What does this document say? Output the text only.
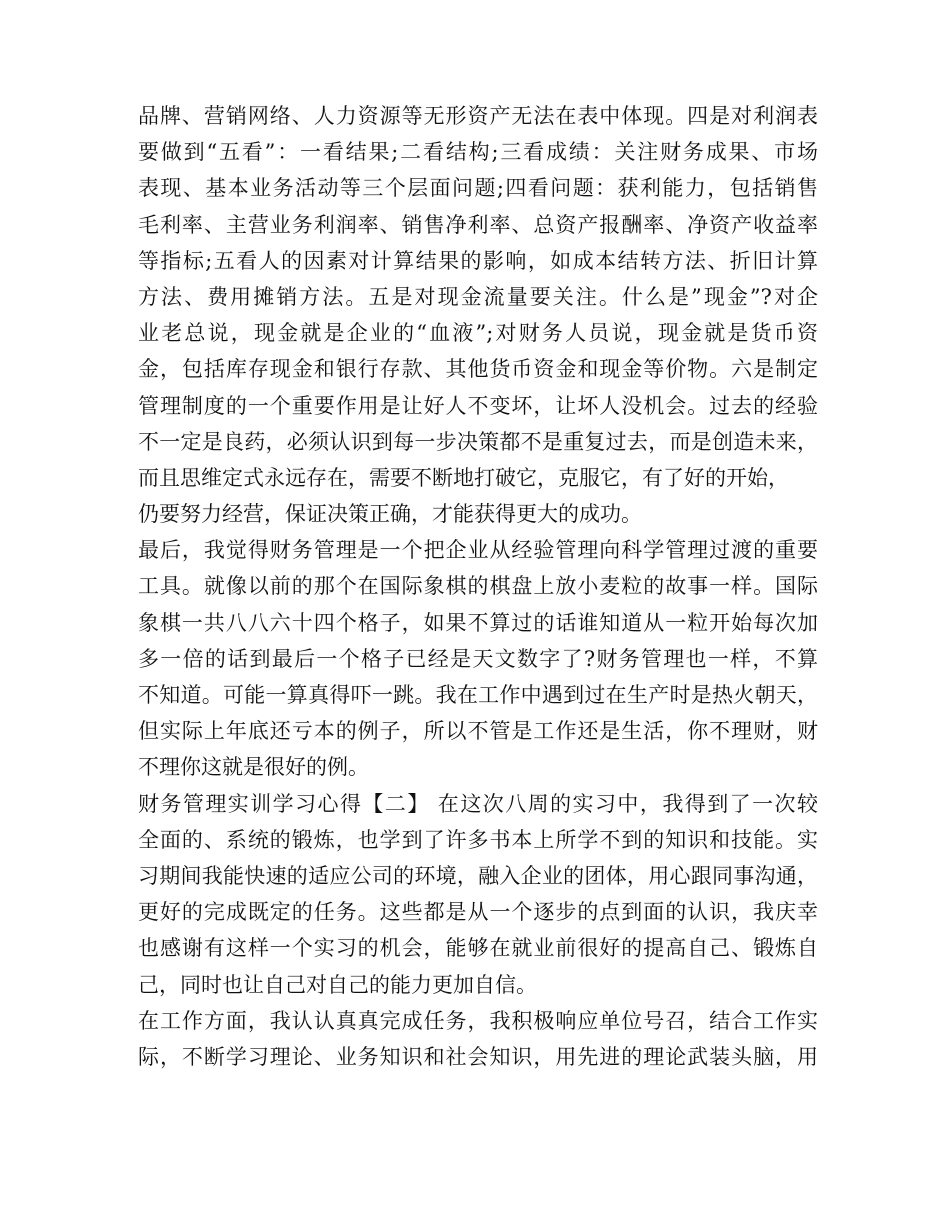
品牌、营销网络、人力资源等无形资产无法在表中体现。四是对利润表
要做到“五看”：一看结果;二看结构;三看成绩：关注财务成果、市场
表现、基本业务活动等三个层面问题;四看问题：获利能力，包括销售
毛利率、主营业务利润率、销售净利率、总资产报酬率、净资产收益率
等指标;五看人的因素对计算结果的影响，如成本结转方法、折旧计算
方法、费用摊销方法。五是对现金流量要关注。什么是”现金”?对企
业老总说，现金就是企业的“血液”;对财务人员说，现金就是货币资
金，包括库存现金和银行存款、其他货币资金和现金等价物。六是制定
管理制度的一个重要作用是让好人不变坏，让坏人没机会。过去的经验
不一定是良药，必须认识到每一步决策都不是重复过去，而是创造未来，
而且思维定式永远存在，需要不断地打破它，克服它，有了好的开始，
仍要努力经营，保证决策正确，才能获得更大的成功。
最后，我觉得财务管理是一个把企业从经验管理向科学管理过渡的重要
工具。就像以前的那个在国际象棋的棋盘上放小麦粒的故事一样。国际
象棋一共八八六十四个格子，如果不算过的话谁知道从一粒开始每次加
多一倍的话到最后一个格子已经是天文数字了?财务管理也一样，不算
不知道。可能一算真得吓一跳。我在工作中遇到过在生产时是热火朝天，
但实际上年底还亏本的例子，所以不管是工作还是生活，你不理财，财
不理你这就是很好的例。
财务管理实训学习心得【二】 在这次八周的实习中，我得到了一次较
全面的、系统的锻炼，也学到了许多书本上所学不到的知识和技能。实
习期间我能快速的适应公司的环境，融入企业的团体，用心跟同事沟通，
更好的完成既定的任务。这些都是从一个逐步的点到面的认识，我庆幸
也感谢有这样一个实习的机会，能够在就业前很好的提高自己、锻炼自
己，同时也让自己对自己的能力更加自信。
在工作方面，我认认真真完成任务，我积极响应单位号召，结合工作实
际，不断学习理论、业务知识和社会知识，用先进的理论武装头脑，用
